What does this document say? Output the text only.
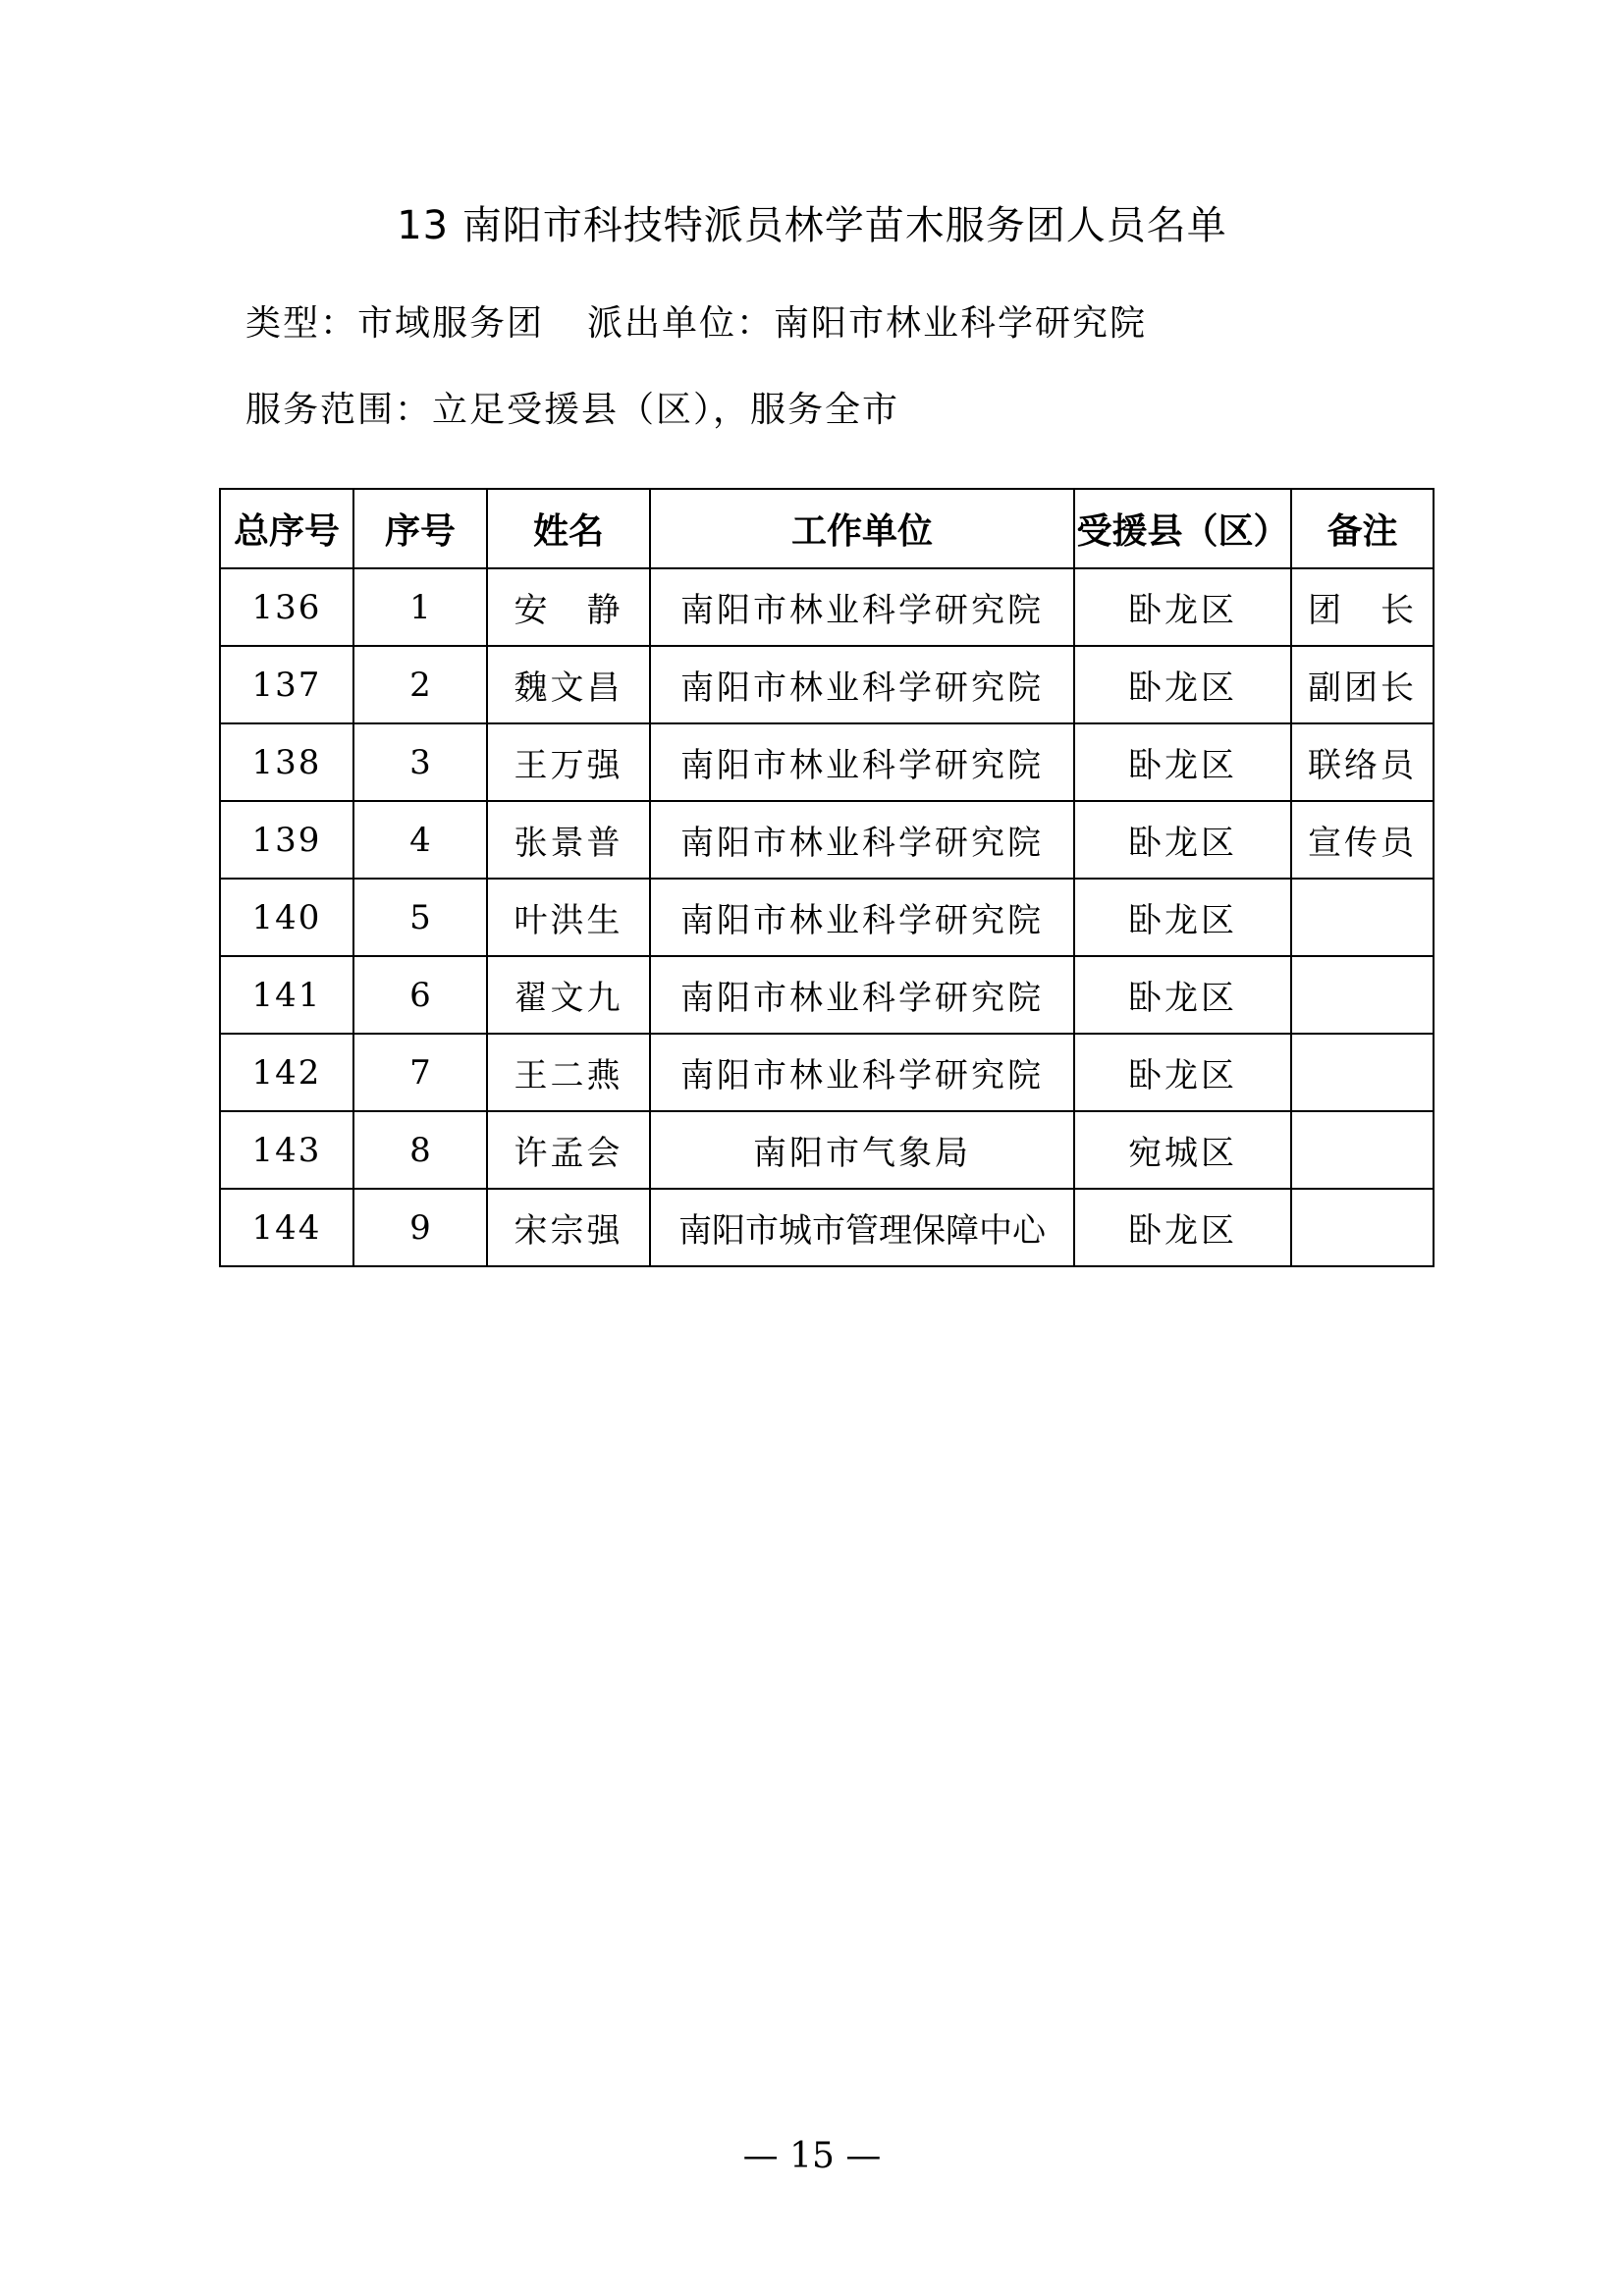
13 南阳市科技特派员林学苗木服务团人员名单
类型：市域服务团 派出单位：南阳市林业科学研究院
服务范围：立足受援县（区），服务全市
总序号	序号	姓名	工作单位	受援县（区）	备注
136	1	安　静	南阳市林业科学研究院	卧龙区	团　长
137	2	魏文昌	南阳市林业科学研究院	卧龙区	副团长
138	3	王万强	南阳市林业科学研究院	卧龙区	联络员
139	4	张景普	南阳市林业科学研究院	卧龙区	宣传员
140	5	叶洪生	南阳市林业科学研究院	卧龙区	
141	6	翟文九	南阳市林业科学研究院	卧龙区	
142	7	王二燕	南阳市林业科学研究院	卧龙区	
143	8	许孟会	南阳市气象局	宛城区	
144	9	宋宗强	南阳市城市管理保障中心	卧龙区	
— 15 —
